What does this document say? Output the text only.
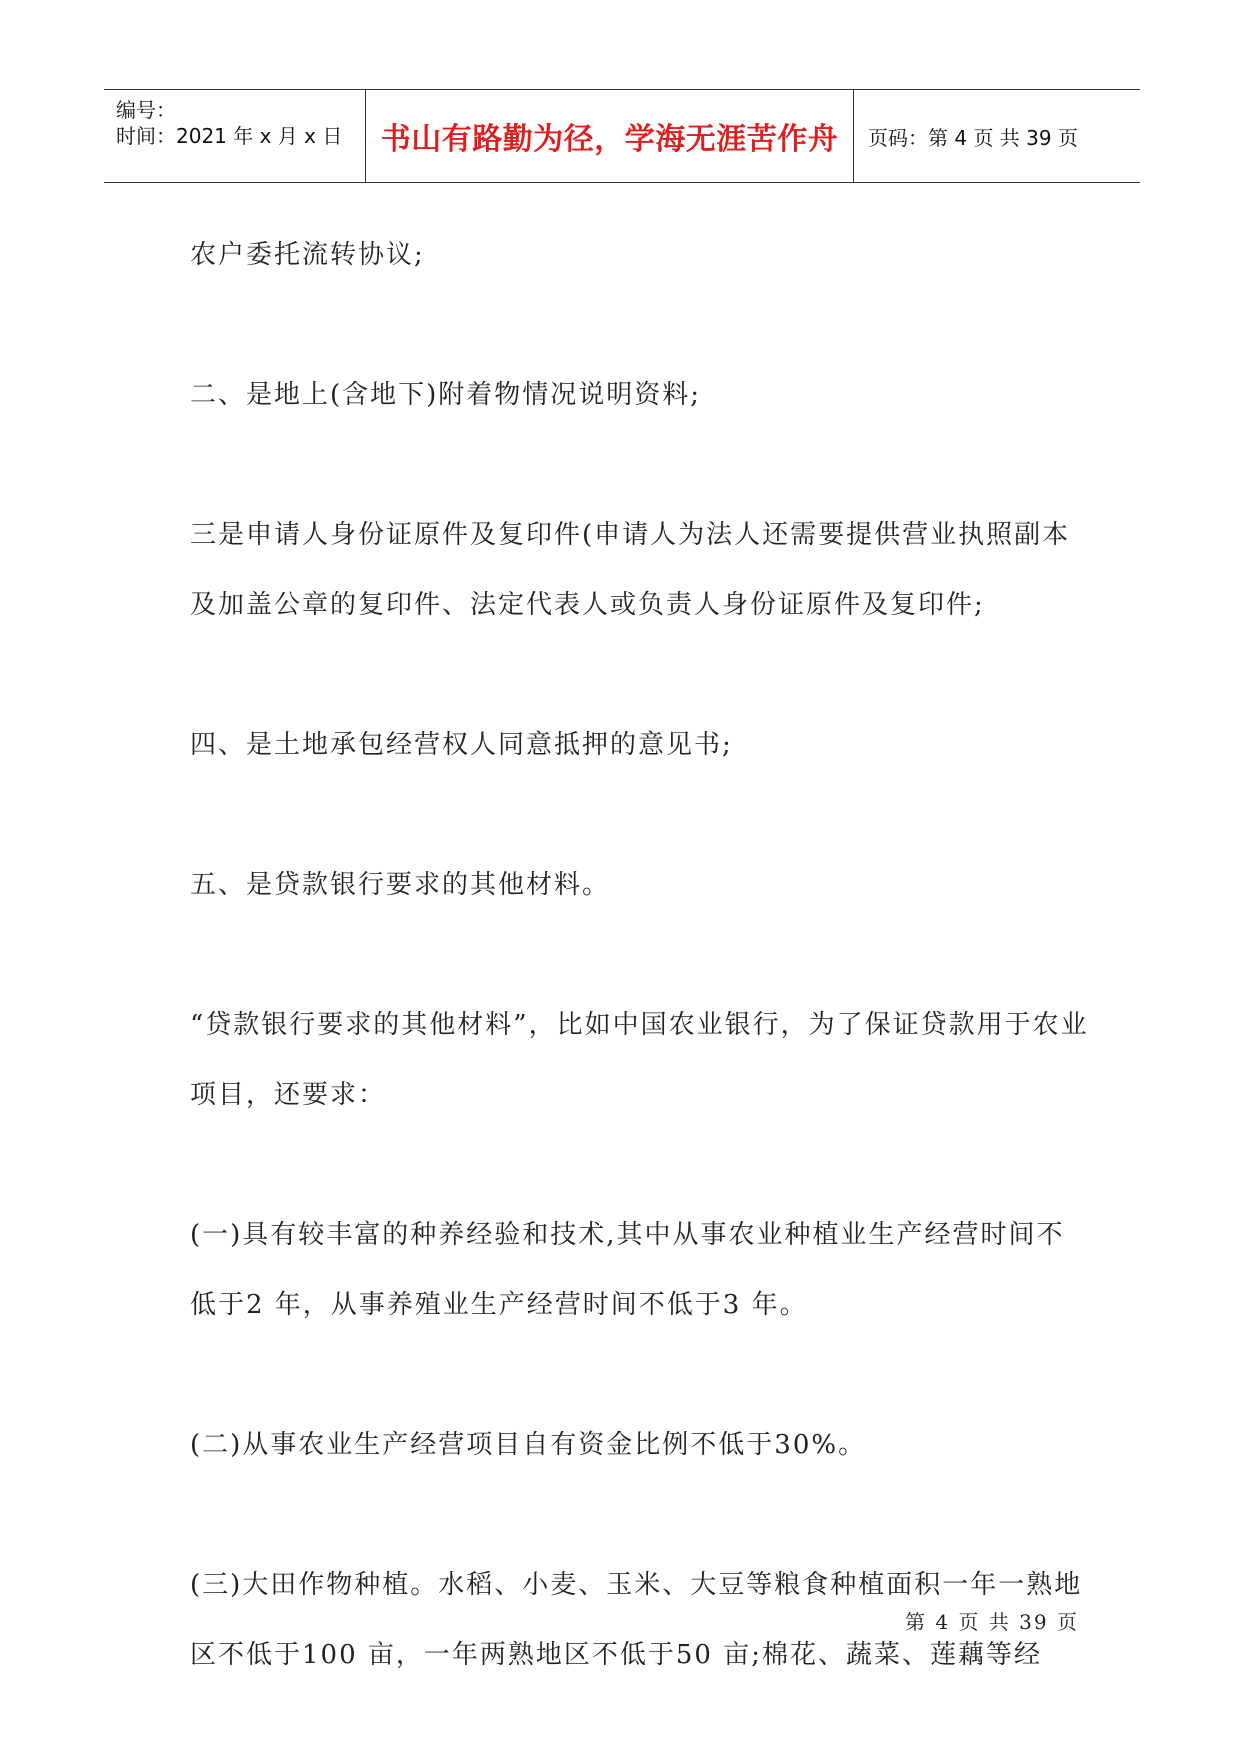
编号：
时间：2021 年 x 月 x 日	书山有路勤为径，学海无涯苦作舟	页码：第 4 页 共 39 页

农户委托流转协议;

二、是地上(含地下)附着物情况说明资料;

三是申请人身份证原件及复印件(申请人为法人还需要提供营业执照副本及加盖公章的复印件、法定代表人或负责人身份证原件及复印件;

四、是土地承包经营权人同意抵押的意见书;

五、是贷款银行要求的其他材料。

“贷款银行要求的其他材料”，比如中国农业银行，为了保证贷款用于农业项目，还要求：

(一)具有较丰富的种养经验和技术,其中从事农业种植业生产经营时间不低于2 年，从事养殖业生产经营时间不低于3 年。

(二)从事农业生产经营项目自有资金比例不低于30%。

(三)大田作物种植。水稻、小麦、玉米、大豆等粮食种植面积一年一熟地区不低于100 亩，一年两熟地区不低于50 亩;棉花、蔬菜、莲藕等经

第 4 页 共 39 页
